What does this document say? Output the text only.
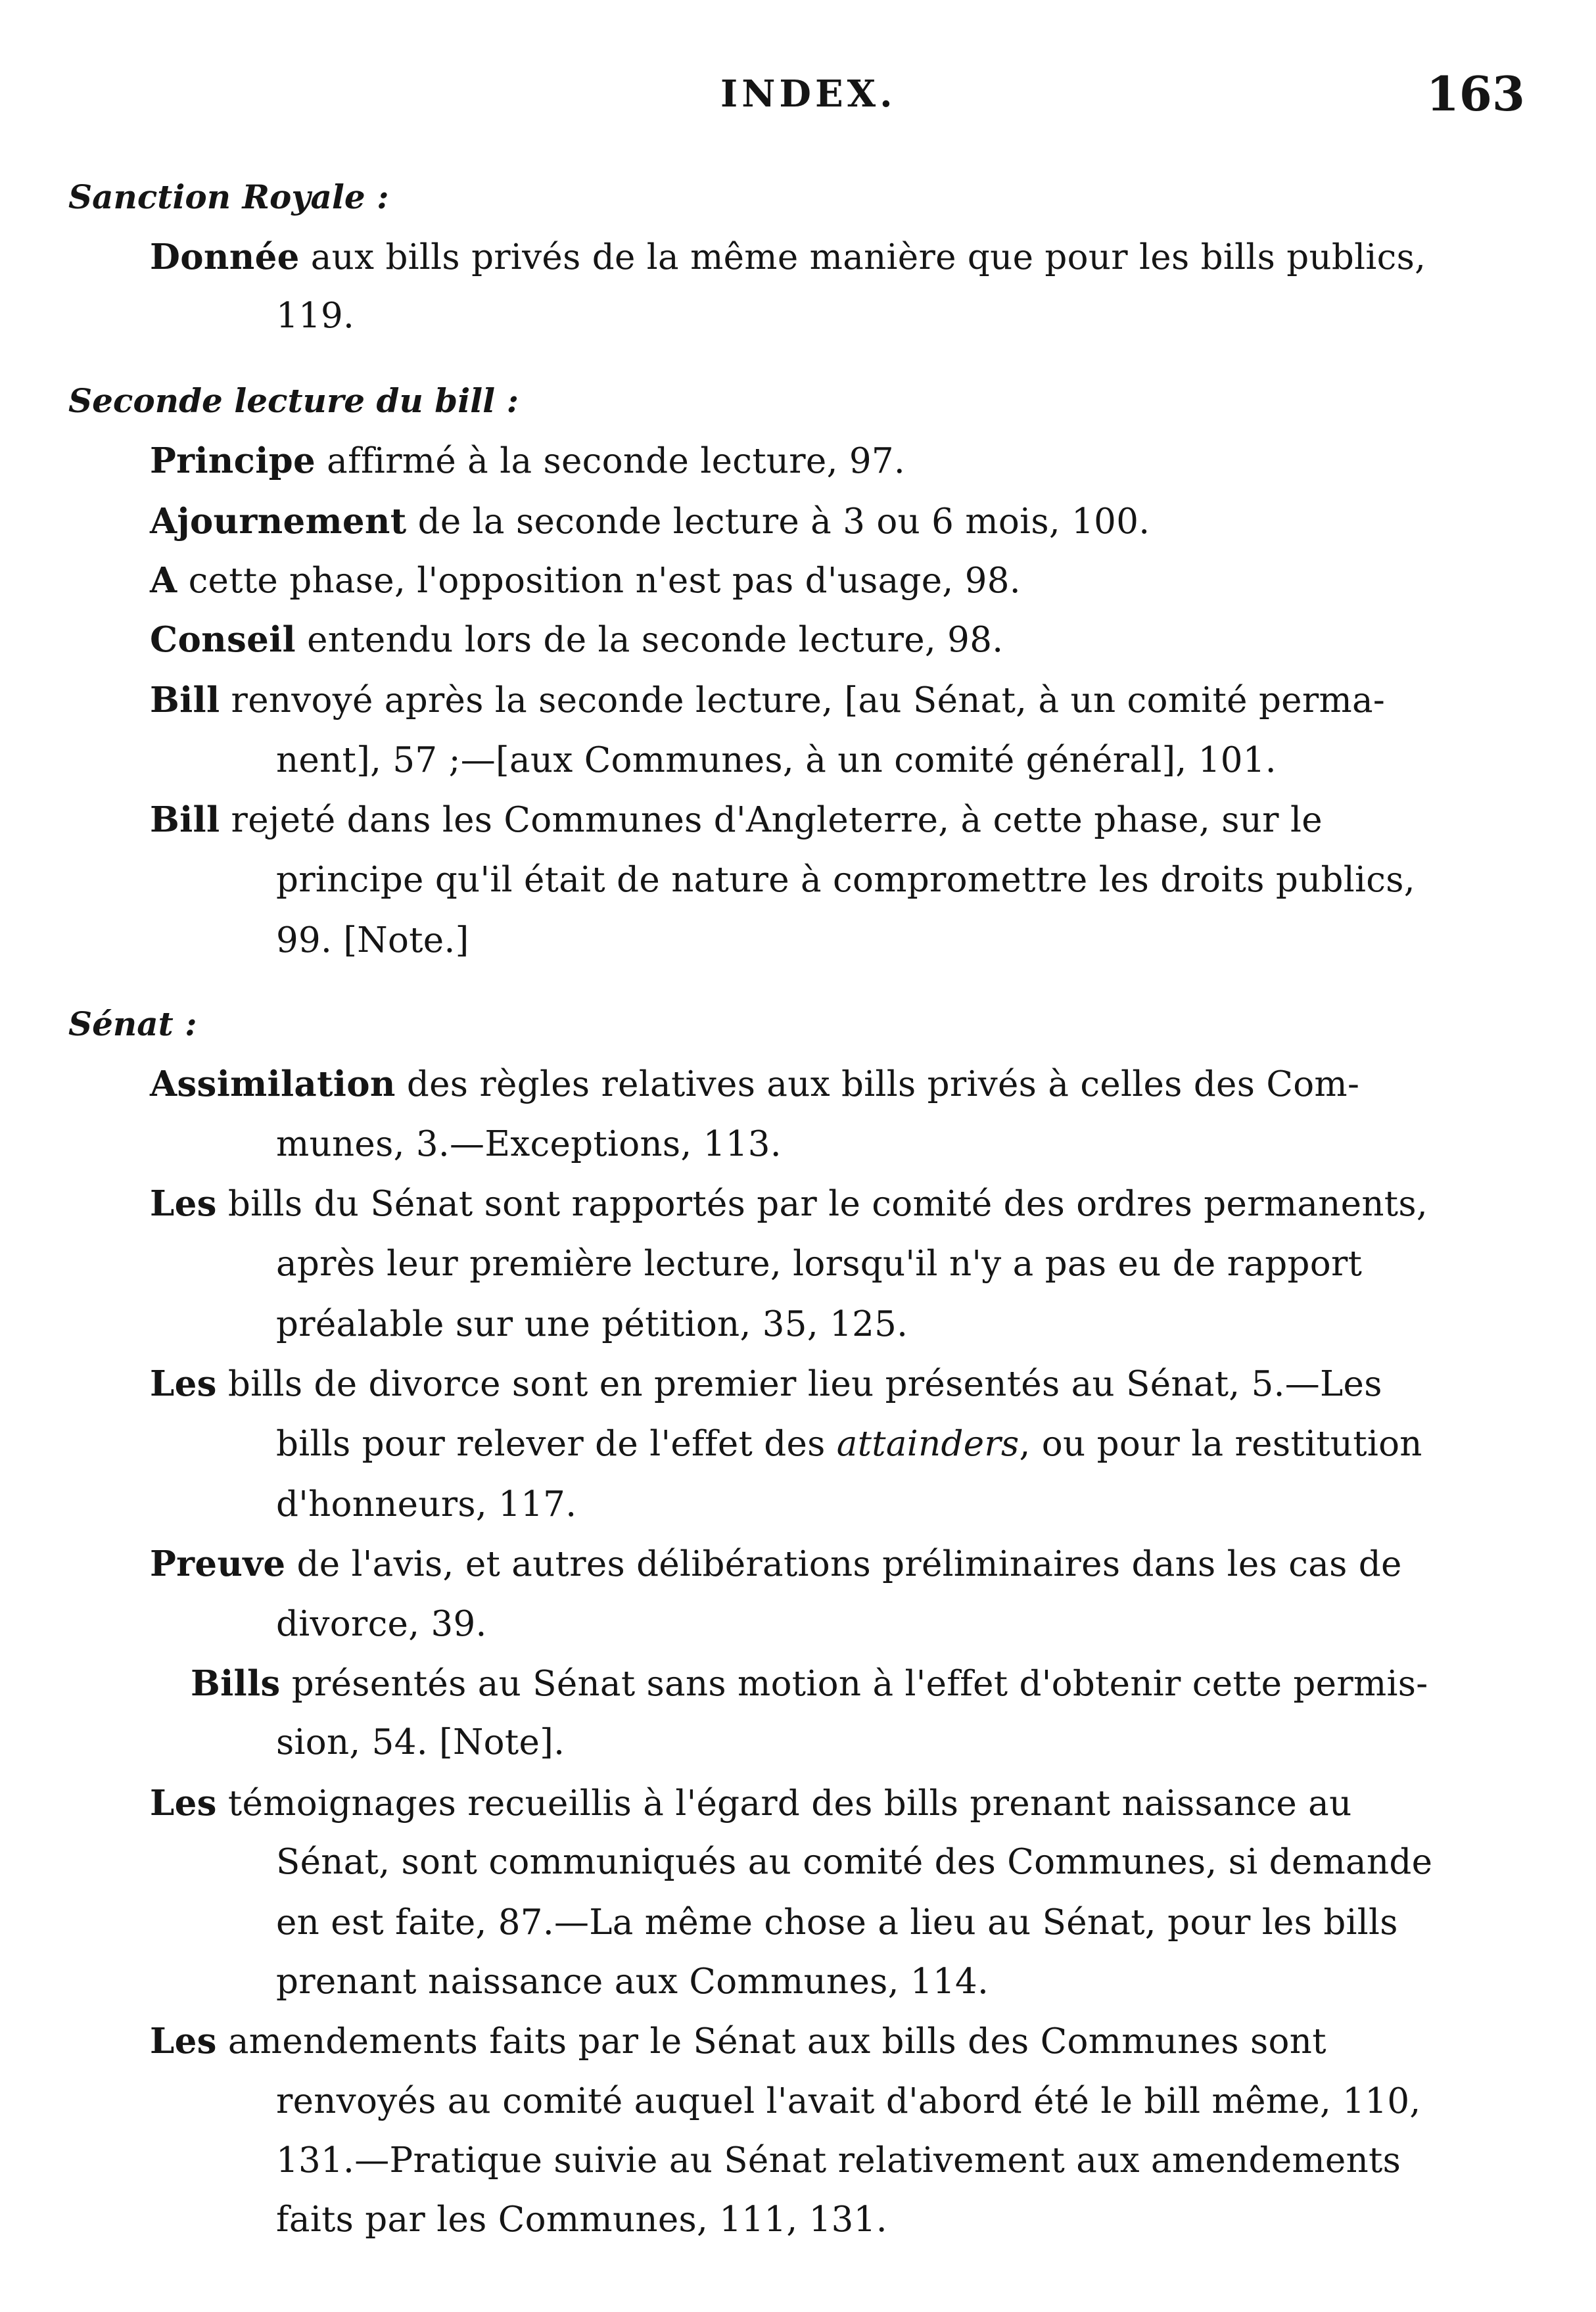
INDEX.	163
Sanction Royale :
Donnée aux bills privés de la même manière que pour les bills publics,
119.
Seconde lecture du bill :
Principe affirmé à la seconde lecture, 97.
Ajournement de la seconde lecture à 3 ou 6 mois, 100.
A cette phase, l'opposition n'est pas d'usage, 98.
Conseil entendu lors de la seconde lecture, 98.
Bill renvoyé après la seconde lecture, [au Sénat, à un comité perma-
nent], 57 ;—[aux Communes, à un comité général], 101.
Bill rejeté dans les Communes d'Angleterre, à cette phase, sur le
principe qu'il était de nature à compromettre les droits publics,
99. [Note.]
Sénat :
Assimilation des règles relatives aux bills privés à celles des Com-
munes, 3.—Exceptions, 113.
Les bills du Sénat sont rapportés par le comité des ordres permanents,
après leur première lecture, lorsqu'il n'y a pas eu de rapport
préalable sur une pétition, 35, 125.
Les bills de divorce sont en premier lieu présentés au Sénat, 5.—Les
bills pour relever de l'effet des attainders, ou pour la restitution
d'honneurs, 117.
Preuve de l'avis, et autres délibérations préliminaires dans les cas de
divorce, 39.
Bills présentés au Sénat sans motion à l'effet d'obtenir cette permis-
sion, 54. [Note].
Les témoignages recueillis à l'égard des bills prenant naissance au
Sénat, sont communiqués au comité des Communes, si demande
en est faite, 87.—La même chose a lieu au Sénat, pour les bills
prenant naissance aux Communes, 114.
Les amendements faits par le Sénat aux bills des Communes sont
renvoyés au comité auquel l'avait d'abord été le bill même, 110,
131.—Pratique suivie au Sénat relativement aux amendements
faits par les Communes, 111, 131.
